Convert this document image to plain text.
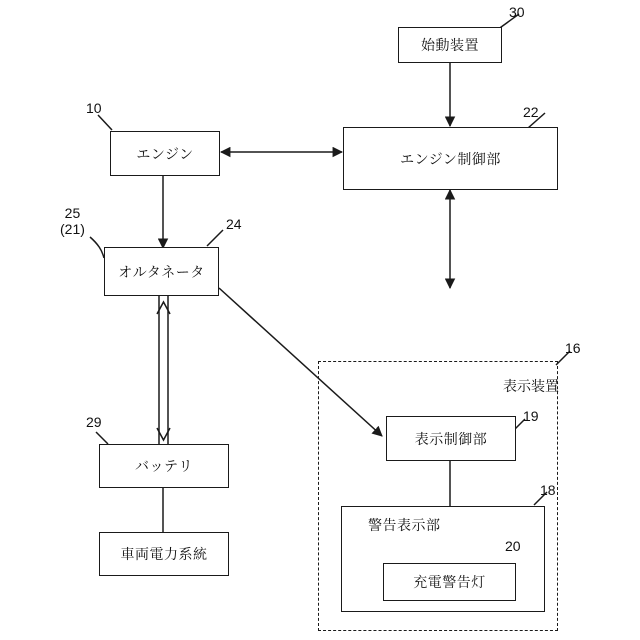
表示装置
始動装置
エンジン	エンジン制御部
オルタネータ
バッテリ
車両電力系統
表示制御部
警告表示部
充電警告灯
30
10	22
24
25
(21)
29
16
19
18
20
